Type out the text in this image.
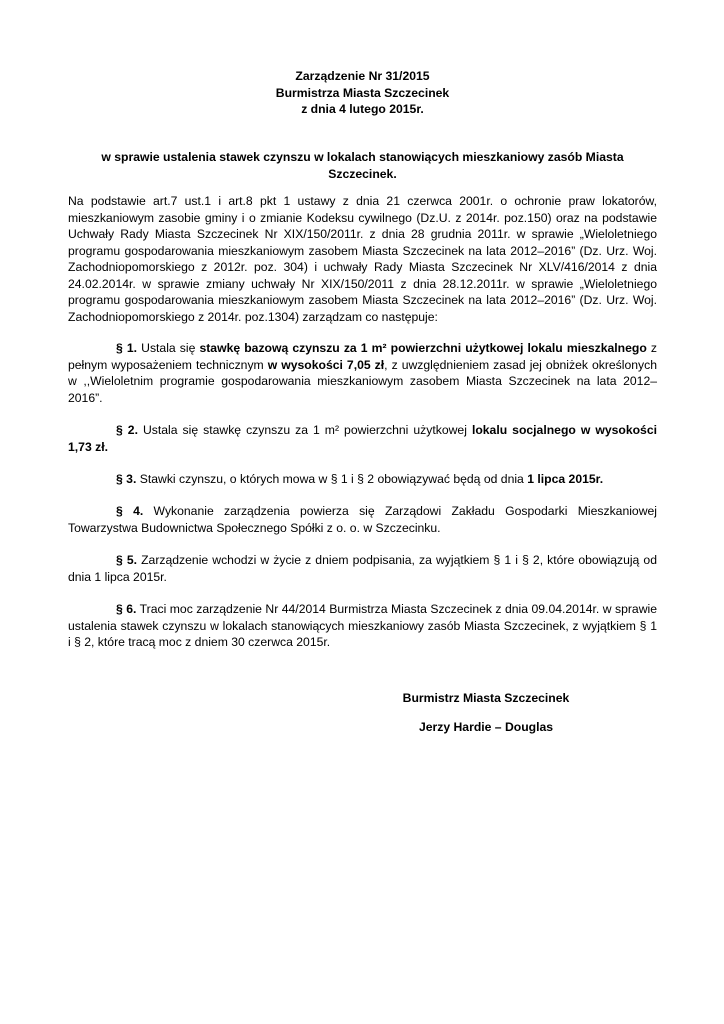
Zarządzenie Nr 31/2015
Burmistrza Miasta Szczecinek
z dnia 4 lutego 2015r.
w sprawie ustalenia stawek czynszu w lokalach stanowiących mieszkaniowy zasób Miasta Szczecinek.
Na podstawie art.7 ust.1 i art.8 pkt 1 ustawy z dnia 21 czerwca 2001r. o ochronie praw lokatorów, mieszkaniowym zasobie gminy i o zmianie Kodeksu cywilnego (Dz.U. z 2014r. poz.150) oraz na podstawie Uchwały Rady Miasta Szczecinek Nr XIX/150/2011r. z dnia 28 grudnia 2011r. w sprawie „Wieloletniego programu gospodarowania mieszkaniowym zasobem Miasta Szczecinek na lata 2012–2016” (Dz. Urz. Woj. Zachodniopomorskiego z 2012r. poz. 304) i uchwały Rady Miasta Szczecinek Nr XLV/416/2014 z dnia 24.02.2014r. w sprawie zmiany uchwały Nr XIX/150/2011 z dnia 28.12.2011r. w sprawie „Wieloletniego programu gospodarowania mieszkaniowym zasobem Miasta Szczecinek na lata 2012–2016” (Dz. Urz. Woj. Zachodniopomorskiego z 2014r. poz.1304) zarządzam co następuje:
§ 1. Ustala się stawkę bazową czynszu za 1 m² powierzchni użytkowej lokalu mieszkalnego z pełnym wyposażeniem technicznym w wysokości 7,05 zł, z uwzględnieniem zasad jej obniżek określonych w ,,Wieloletnim programie gospodarowania mieszkaniowym zasobem Miasta Szczecinek na lata 2012–2016”.
§ 2. Ustala się stawkę czynszu za 1 m² powierzchni użytkowej lokalu socjalnego w wysokości 1,73 zł.
§ 3. Stawki czynszu, o których mowa w § 1 i § 2 obowiązywać będą od dnia 1 lipca 2015r.
§ 4. Wykonanie zarządzenia powierza się Zarządowi Zakładu Gospodarki Mieszkaniowej Towarzystwa Budownictwa Społecznego Spółki z o. o. w Szczecinku.
§ 5. Zarządzenie wchodzi w życie z dniem podpisania, za wyjątkiem § 1 i § 2, które obowiązują od dnia 1 lipca 2015r.
§ 6. Traci moc zarządzenie Nr 44/2014 Burmistrza Miasta Szczecinek z dnia 09.04.2014r. w sprawie ustalenia stawek czynszu w lokalach stanowiących mieszkaniowy zasób Miasta Szczecinek, z wyjątkiem § 1 i § 2, które tracą moc z dniem 30 czerwca 2015r.
Burmistrz Miasta Szczecinek
Jerzy Hardie – Douglas
